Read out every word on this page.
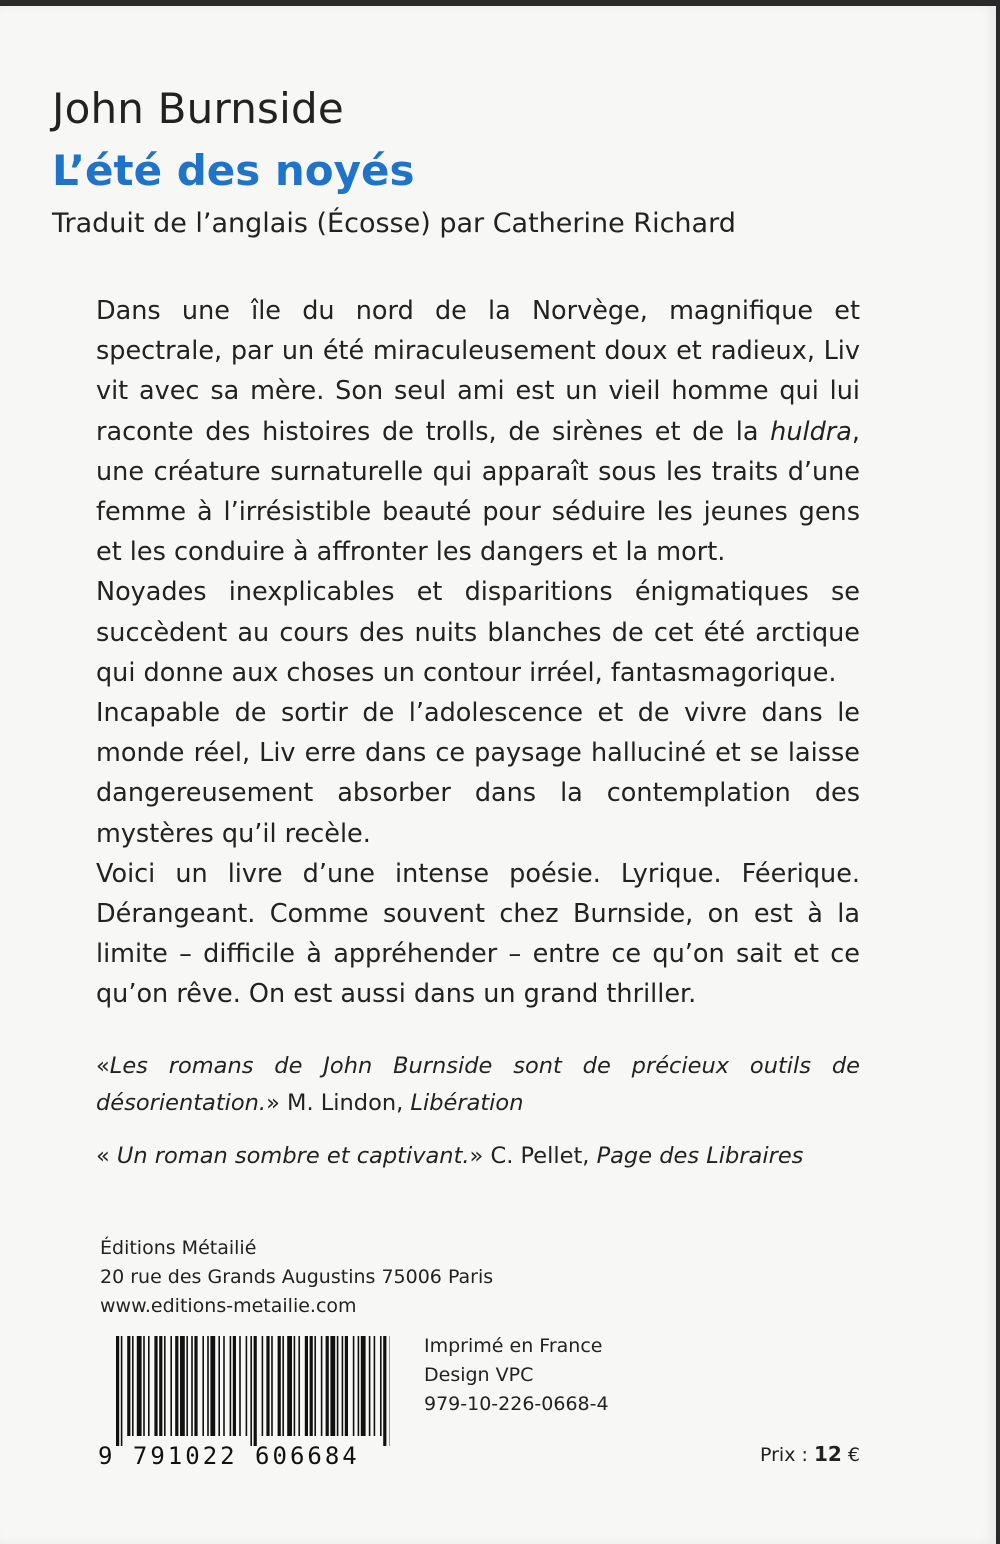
John Burnside
L’été des noyés
Traduit de l’anglais (Écosse) par Catherine Richard

Dans une île du nord de la Norvège, magnifique et spectrale, par un été miraculeusement doux et radieux, Liv vit avec sa mère. Son seul ami est un vieil homme qui lui raconte des histoires de trolls, de sirènes et de la huldra, une créature surnaturelle qui apparaît sous les traits d’une femme à l’irrésistible beauté pour séduire les jeunes gens et les conduire à affronter les dangers et la mort.

Noyades inexplicables et disparitions énigmatiques se succèdent au cours des nuits blanches de cet été arctique qui donne aux choses un contour irréel, fantasmagorique.

Incapable de sortir de l’adolescence et de vivre dans le monde réel, Liv erre dans ce paysage halluciné et se laisse dangereusement absorber dans la contemplation des mystères qu’il recèle.

Voici un livre d’une intense poésie. Lyrique. Féerique. Dérangeant. Comme souvent chez Burnside, on est à la limite – difficile à appréhender – entre ce qu’on sait et ce qu’on rêve. On est aussi dans un grand thriller.

«Les romans de John Burnside sont de précieux outils de désorientation.» M. Lindon, Libération

« Un roman sombre et captivant.» C. Pellet, Page des Libraires

Éditions Métailié
20 rue des Grands Augustins 75006 Paris
www.editions-metailie.com
9 791022 606684
Imprimé en France
Design VPC
979-10-226-0668-4
Prix : 12 €
